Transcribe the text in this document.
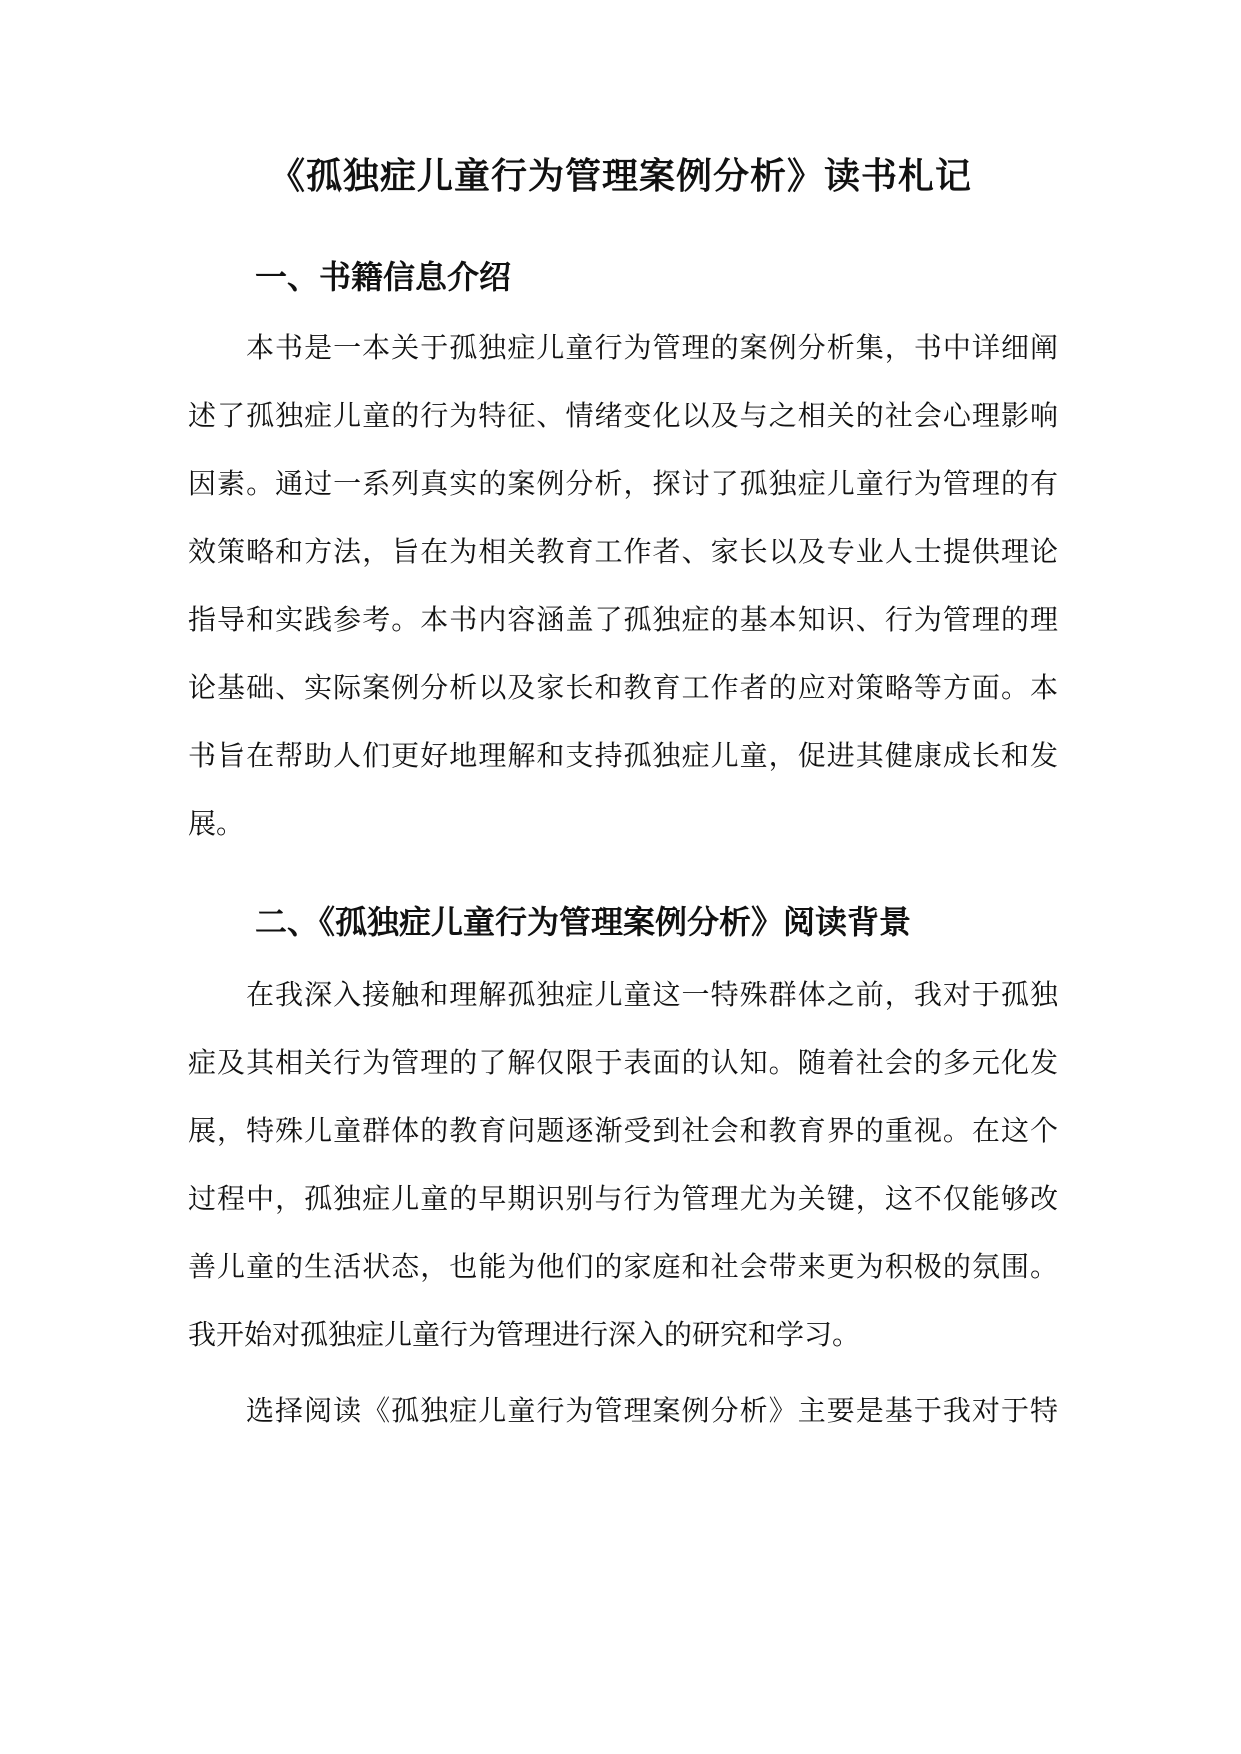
《孤独症儿童行为管理案例分析》读书札记
一、书籍信息介绍

本书是一本关于孤独症儿童行为管理的案例分析集，书中详细阐

述了孤独症儿童的行为特征、情绪变化以及与之相关的社会心理影响

因素。通过一系列真实的案例分析，探讨了孤独症儿童行为管理的有

效策略和方法，旨在为相关教育工作者、家长以及专业人士提供理论

指导和实践参考。本书内容涵盖了孤独症的基本知识、行为管理的理

论基础、实际案例分析以及家长和教育工作者的应对策略等方面。本

书旨在帮助人们更好地理解和支持孤独症儿童，促进其健康成长和发

展。

二、《孤独症儿童行为管理案例分析》阅读背景

在我深入接触和理解孤独症儿童这一特殊群体之前，我对于孤独

症及其相关行为管理的了解仅限于表面的认知。随着社会的多元化发

展，特殊儿童群体的教育问题逐渐受到社会和教育界的重视。在这个

过程中，孤独症儿童的早期识别与行为管理尤为关键，这不仅能够改

善儿童的生活状态，也能为他们的家庭和社会带来更为积极的氛围。

我开始对孤独症儿童行为管理进行深入的研究和学习。

选择阅读《孤独症儿童行为管理案例分析》主要是基于我对于特
